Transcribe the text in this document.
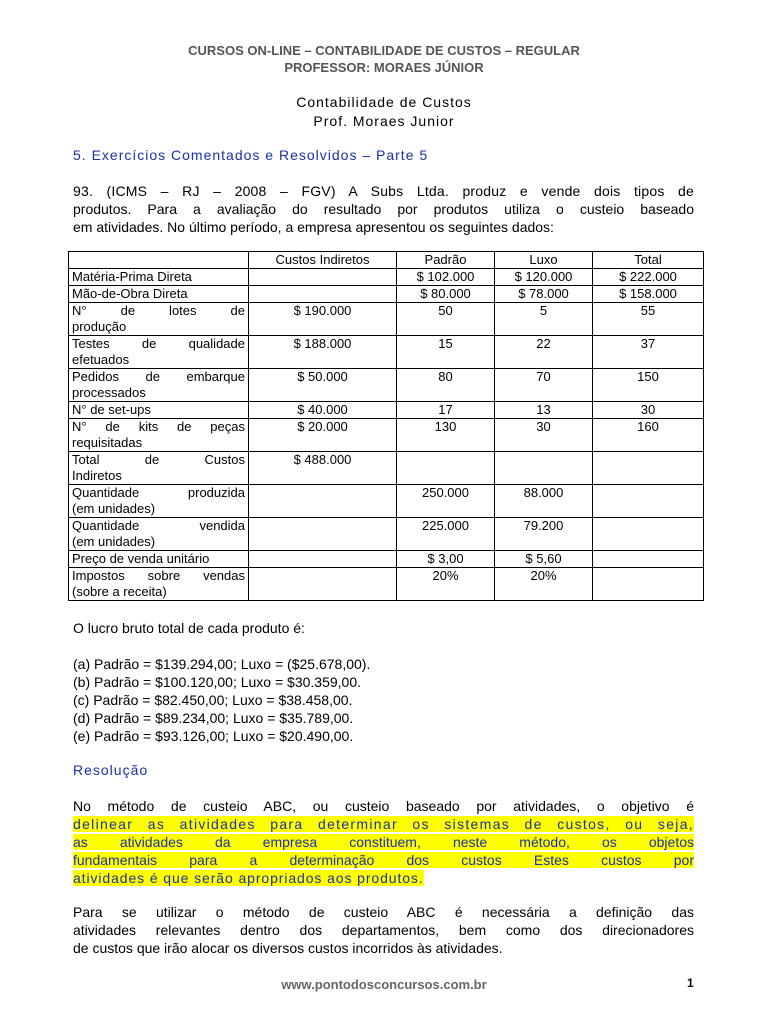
CURSOS ON-LINE – CONTABILIDADE DE CUSTOS – REGULAR
PROFESSOR: MORAES JÚNIOR
Contabilidade de Custos
Prof. Moraes Junior
5. Exercícios Comentados e Resolvidos – Parte 5
93. (ICMS – RJ – 2008 – FGV) A Subs Ltda. produz e vende dois tipos de
produtos. Para a avaliação do resultado por produtos utiliza o custeio baseado
em atividades. No último período, a empresa apresentou os seguintes dados:
	Custos Indiretos	Padrão	Luxo	Total
Matéria-Prima Direta		$ 102.000	$ 120.000	$ 222.000
Mão-de-Obra Direta		$ 80.000	$ 78.000	$ 158.000
N° de lotes de
produção	$ 190.000	50	5	55
Testes de qualidade
efetuados	$ 188.000	15	22	37
Pedidos de embarque
processados	$ 50.000	80	70	150
N° de set-ups	$ 40.000	17	13	30
N° de kits de peças
requisitadas	$ 20.000	130	30	160
Total de Custos
Indiretos	$ 488.000			
Quantidade produzida
(em unidades)		250.000	88.000	
Quantidade vendida
(em unidades)		225.000	79.200	
Preço de venda unitário		$ 3,00	$ 5,60	
Impostos sobre vendas
(sobre a receita)		20%	20%	
O lucro bruto total de cada produto é:
(a) Padrão = $139.294,00; Luxo = ($25.678,00).
(b) Padrão = $100.120,00; Luxo = $30.359,00.
(c) Padrão = $82.450,00; Luxo = $38.458,00.
(d) Padrão = $89.234,00; Luxo = $35.789,00.
(e) Padrão = $93.126,00; Luxo = $20.490,00.
Resolução
No método de custeio ABC, ou custeio baseado por atividades, o objetivo é
delinear as atividades para determinar os sistemas de custos, ou seja,
as atividades da empresa constituem, neste método, os objetos
fundamentais para a determinação dos custos Estes custos por
atividades é que serão apropriados aos produtos.
Para se utilizar o método de custeio ABC é necessária a definição das
atividades relevantes dentro dos departamentos, bem como dos direcionadores
de custos que irão alocar os diversos custos incorridos às atividades.
www.pontodosconcursos.com.br	1
